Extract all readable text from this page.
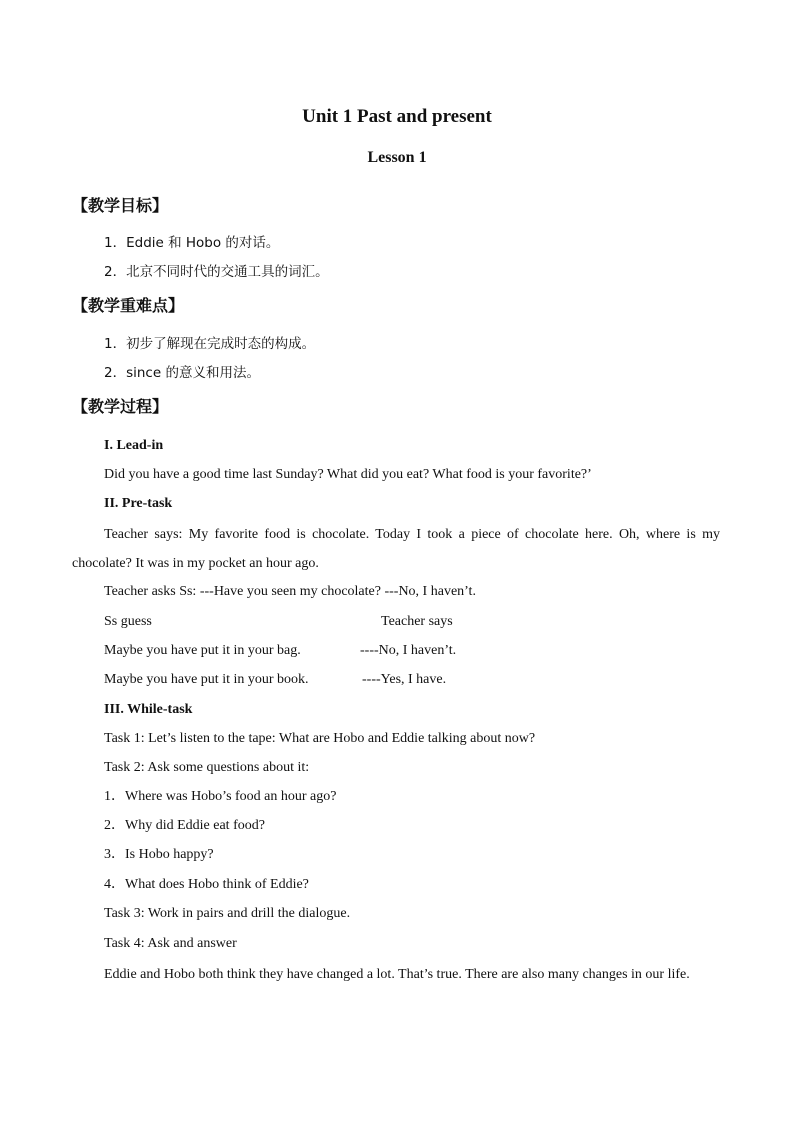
Unit 1 Past and present
Lesson 1
【教学目标】
1．Eddie 和 Hobo 的对话。
2．北京不同时代的交通工具的词汇。
【教学重难点】
1．初步了解现在完成时态的构成。
2．since 的意义和用法。
【教学过程】
I. Lead-in
Did you have a good time last Sunday? What did you eat? What food is your favorite?’
II. Pre-task
Teacher says: My favorite food is chocolate. Today I took a piece of chocolate here. Oh, where is my chocolate? It was in my pocket an hour ago.
Teacher asks Ss: ---Have you seen my chocolate? ---No, I haven’t.
Ss guess	Teacher says
Maybe you have put it in your bag.	----No, I haven’t.
Maybe you have put it in your book.	----Yes, I have.
III. While-task
Task 1: Let’s listen to the tape: What are Hobo and Eddie talking about now?
Task 2: Ask some questions about it:
1．Where was Hobo’s food an hour ago?
2．Why did Eddie eat food?
3．Is Hobo happy?
4．What does Hobo think of Eddie?
Task 3: Work in pairs and drill the dialogue.
Task 4: Ask and answer
Eddie and Hobo both think they have changed a lot. That’s true. There are also many changes in our life.
